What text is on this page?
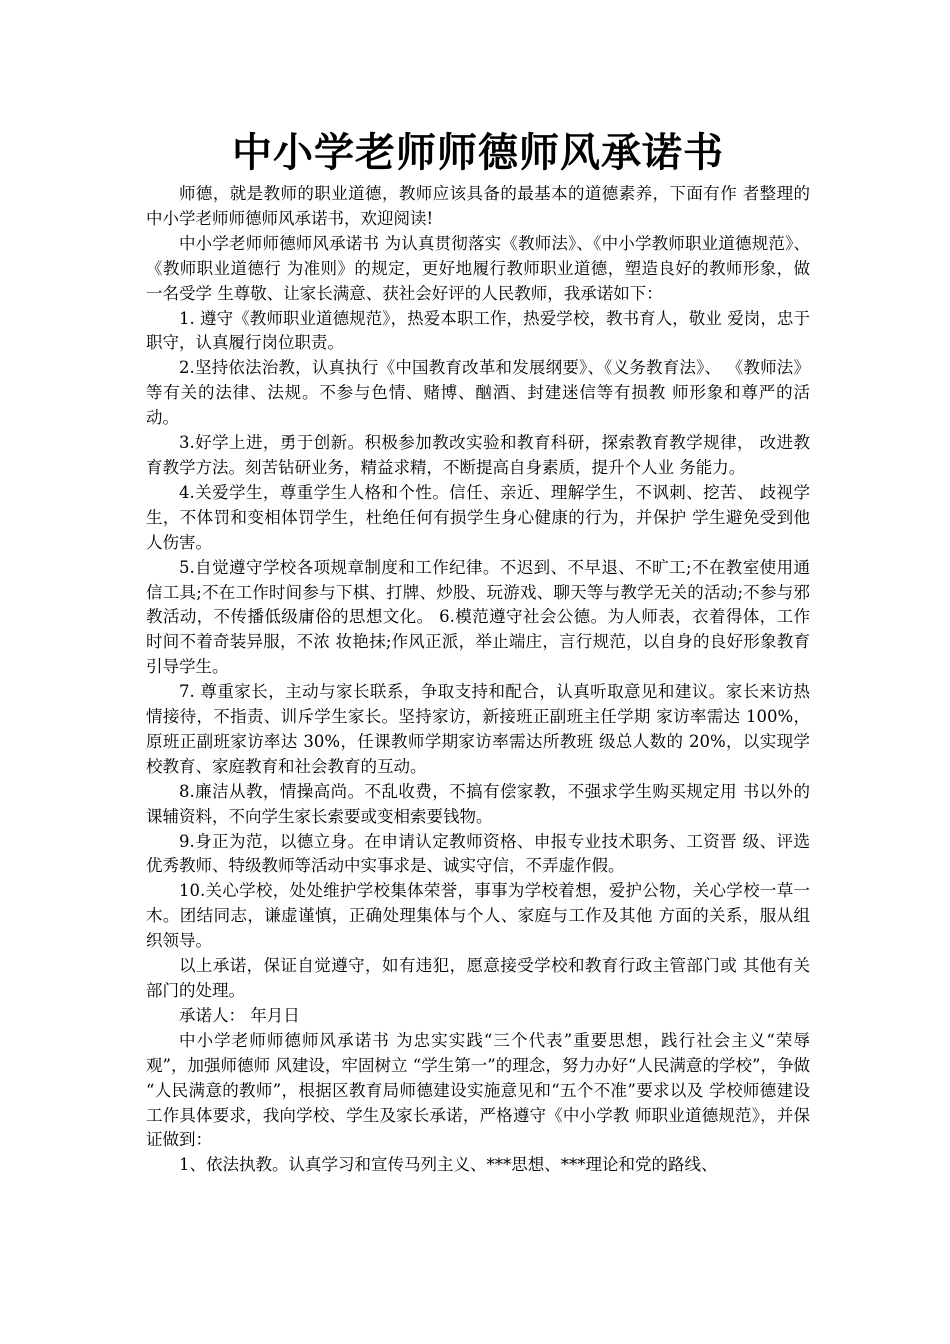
中小学老师师德师风承诺书

师德，就是教师的职业道德，教师应该具备的最基本的道德素养，下面有作 者整理的中小学老师师德师风承诺书，欢迎阅读!

中小学老师师德师风承诺书 为认真贯彻落实《教师法》、《中小学教师职业道德规范》、《教师职业道德行 为准则》的规定，更好地履行教师职业道德，塑造良好的教师形象，做一名受学 生尊敬、让家长满意、获社会好评的人民教师，我承诺如下：

1. 遵守《教师职业道德规范》，热爱本职工作，热爱学校，教书育人，敬业 爱岗，忠于职守，认真履行岗位职责。

2.坚持依法治教，认真执行《中国教育改革和发展纲要》、《义务教育法》、 《教师法》等有关的法律、法规。不参与色情、赌博、酗酒、封建迷信等有损教 师形象和尊严的活动。

3.好学上进，勇于创新。积极参加教改实验和教育科研，探索教育教学规律， 改进教育教学方法。刻苦钻研业务，精益求精，不断提高自身素质，提升个人业 务能力。

4.关爱学生，尊重学生人格和个性。信任、亲近、理解学生，不讽刺、挖苦、 歧视学生，不体罚和变相体罚学生，杜绝任何有损学生身心健康的行为，并保护 学生避免受到他人伤害。

5.自觉遵守学校各项规章制度和工作纪律。不迟到、不早退、不旷工;不在教室使用通信工具;不在工作时间参与下棋、打牌、炒股、玩游戏、聊天等与教学无关的活动;不参与邪教活动，不传播低级庸俗的思想文化。 6.模范遵守社会公德。为人师表，衣着得体，工作时间不着奇装异服，不浓 妆艳抹;作风正派，举止端庄，言行规范，以自身的良好形象教育引导学生。

7. 尊重家长，主动与家长联系，争取支持和配合，认真听取意见和建议。家长来访热情接待，不指责、训斥学生家长。坚持家访，新接班正副班主任学期 家访率需达 100%，原班正副班家访率达 30%，任课教师学期家访率需达所教班 级总人数的 20%，以实现学校教育、家庭教育和社会教育的互动。

8.廉洁从教，情操高尚。不乱收费，不搞有偿家教，不强求学生购买规定用 书以外的课辅资料，不向学生家长索要或变相索要钱物。

9.身正为范，以德立身。在申请认定教师资格、申报专业技术职务、工资晋 级、评选优秀教师、特级教师等活动中实事求是、诚实守信，不弄虚作假。

10.关心学校，处处维护学校集体荣誉，事事为学校着想，爱护公物，关心学校一草一木。团结同志，谦虚谨慎，正确处理集体与个人、家庭与工作及其他 方面的关系，服从组织领导。

以上承诺，保证自觉遵守，如有违犯，愿意接受学校和教育行政主管部门或 其他有关部门的处理。

承诺人： 年月日

中小学老师师德师风承诺书 为忠实实践“三个代表”重要思想，践行社会主义“荣辱观”，加强师德师 风建设，牢固树立 “学生第一”的理念，努力办好“人民满意的学校”，争做 “人民满意的教师”，根据区教育局师德建设实施意见和“五个不准”要求以及 学校师德建设工作具体要求，我向学校、学生及家长承诺，严格遵守《中小学教 师职业道德规范》，并保证做到：

1、依法执教。认真学习和宣传马列主义、***思想、***理论和党的路线、
